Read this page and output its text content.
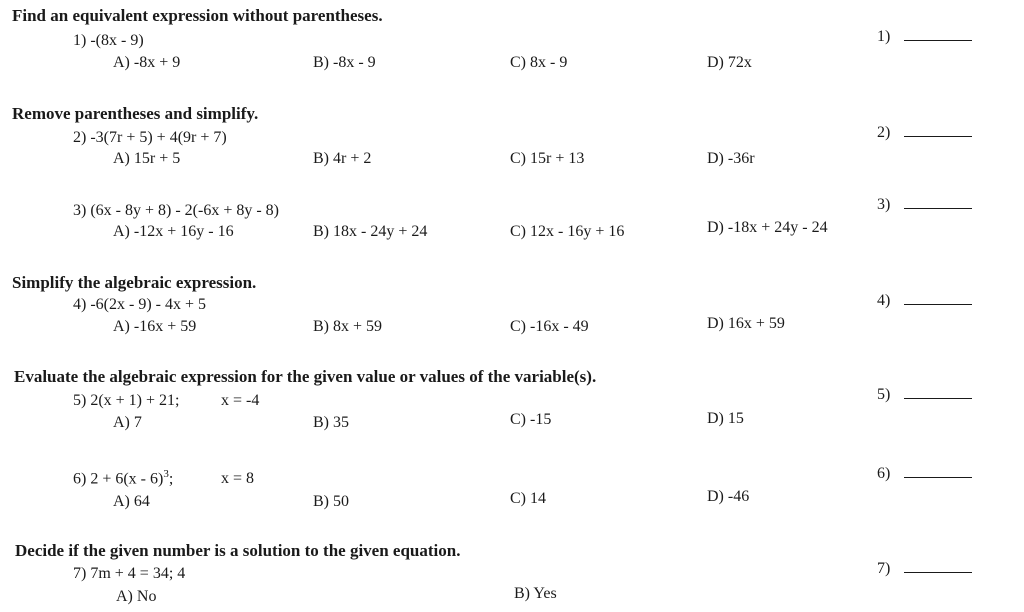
Find an equivalent expression without parentheses.
Remove parentheses and simplify.
Simplify the algebraic expression.
Evaluate the algebraic expression for the given value or values of the variable(s).
Decide if the given number is a solution to the given equation.
1) -(8x - 9)
A) -8x + 9	B) -8x - 9	C) 8x - 9	D) 72x
1)
2) -3(7r + 5) + 4(9r + 7)
A) 15r + 5	B) 4r + 2	C) 15r + 13	D) -36r
2)
3) (6x - 8y + 8) - 2(-6x + 8y - 8)
A) -12x + 16y - 16	B) 18x - 24y + 24	C) 12x - 16y + 16	D) -18x + 24y - 24
3)
4) -6(2x - 9) - 4x + 5
A) -16x + 59	B) 8x + 59	C) -16x - 49	D) 16x + 59
4)
5) 2(x + 1) + 21;	x = -4
A) 7	B) 35	C) -15	D) 15
5)
6) 2 + 6(x - 6)$^3$;	x = 8
A) 64	B) 50	C) 14	D) -46
6)
7) 7m + 4 = 34; 4
A) No	B) Yes
7)
